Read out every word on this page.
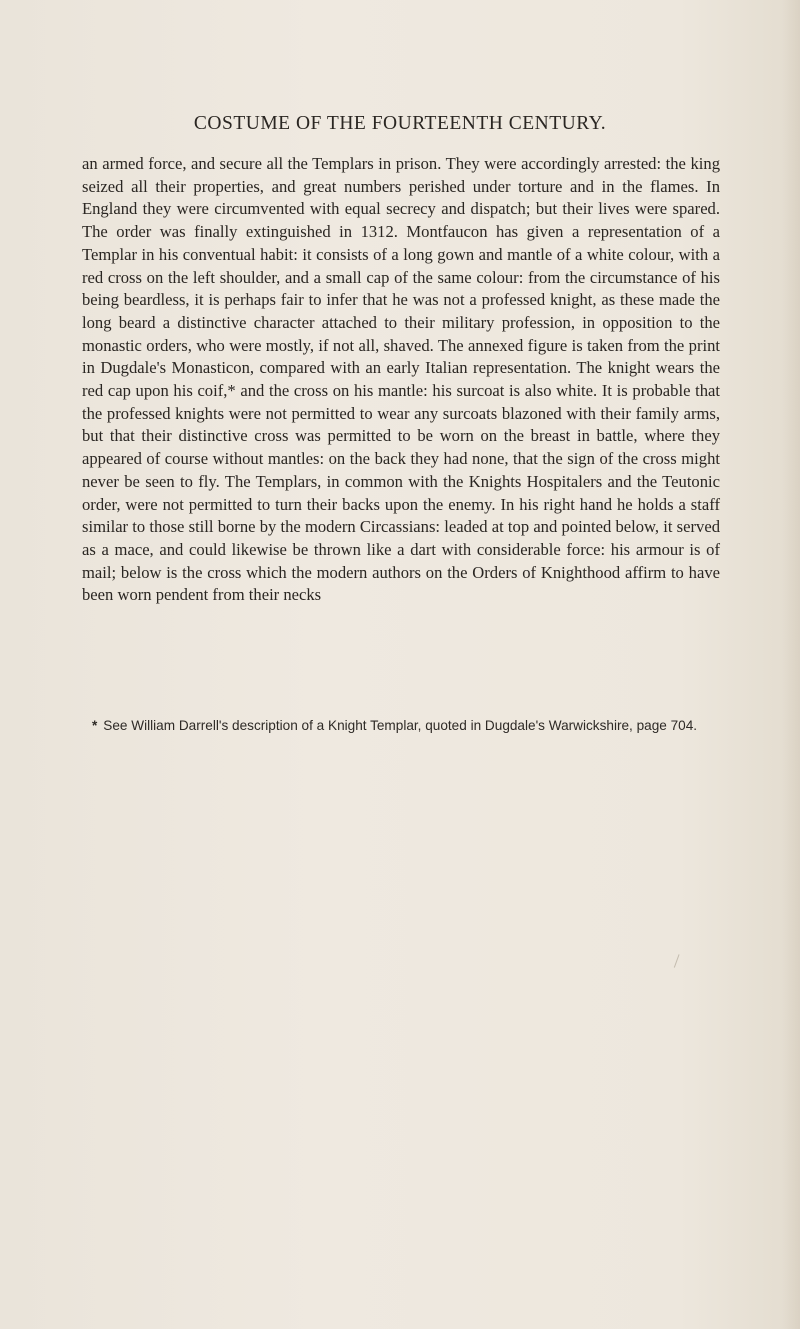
COSTUME OF THE FOURTEENTH CENTURY.

an armed force, and secure all the Templars in prison. They were accordingly arrested: the king seized all their properties, and great numbers perished under torture and in the flames. In England they were circumvented with equal secrecy and dispatch; but their lives were spared. The order was finally extinguished in 1312. Montfaucon has given a representation of a Templar in his conventual habit: it consists of a long gown and mantle of a white colour, with a red cross on the left shoulder, and a small cap of the same colour: from the circumstance of his being beardless, it is perhaps fair to infer that he was not a professed knight, as these made the long beard a distinctive character attached to their military profession, in opposition to the monastic orders, who were mostly, if not all, shaved. The annexed figure is taken from the print in Dugdale's Monasticon, compared with an early Italian representation. The knight wears the red cap upon his coif,* and the cross on his mantle: his surcoat is also white. It is probable that the professed knights were not permitted to wear any surcoats blazoned with their family arms, but that their distinctive cross was permitted to be worn on the breast in battle, where they appeared of course without mantles: on the back they had none, that the sign of the cross might never be seen to fly. The Templars, in common with the Knights Hospitalers and the Teutonic order, were not permitted to turn their backs upon the enemy. In his right hand he holds a staff similar to those still borne by the modern Circassians: leaded at top and pointed below, it served as a mace, and could likewise be thrown like a dart with considerable force: his armour is of mail; below is the cross which the modern authors on the Orders of Knighthood affirm to have been worn pendent from their necks

* See William Darrell's description of a Knight Templar, quoted in Dugdale's Warwickshire, page 704.
